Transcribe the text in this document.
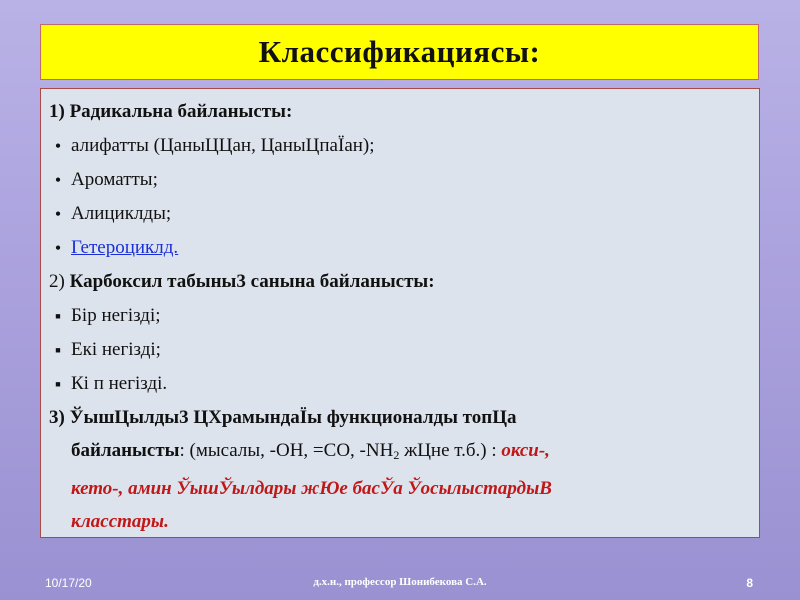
Классификациясы:
1) Радикальна байланысты:
•
алифатты (ЦаныЦЦан, ЦаныЦпаЇан);
•
Ароматты;
•
Алициклды;
•
Гетероциклд.
2) Карбоксил табыны3 санына байланысты:
■
Бір негізді;
■
Екі негізді;
■
Кі п негізді.
3) ЎышЦылды3 ЦХрамындаЇы функционалды топЦа
байланысты: (мысалы, -ОН, =СО, $-NH_2$ жЦне т.б.) : окси-,
кето-, амин ЎышЎылдары жЮе басЎа ЎосылыстардыВ
класстары.
10/17/20	д.х.н., профессор Шонибекова С.А.	8
